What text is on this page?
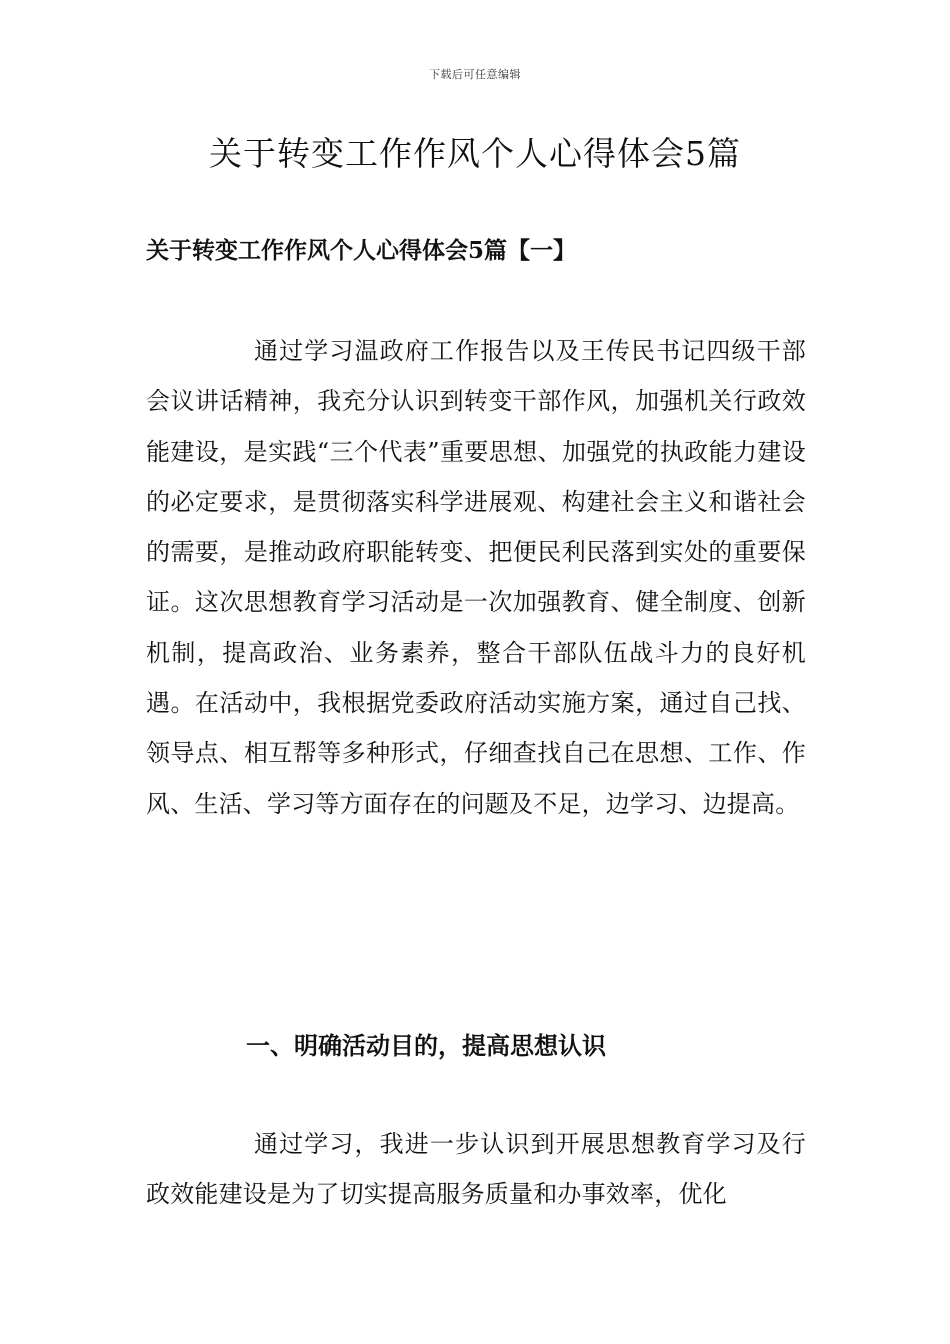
下载后可任意编辑
关于转变工作作风个人心得体会5篇
关于转变工作作风个人心得体会5篇【一】

通过学习温政府工作报告以及王传民书记四级干部会议讲话精神，我充分认识到转变干部作风，加强机关行政效能建设，是实践“三个代表”重要思想、加强党的执政能力建设的必定要求，是贯彻落实科学进展观、构建社会主义和谐社会的需要，是推动政府职能转变、把便民利民落到实处的重要保证。这次思想教育学习活动是一次加强教育、健全制度、创新机制，提高政治、业务素养，整合干部队伍战斗力的良好机遇。在活动中，我根据党委政府活动实施方案，通过自己找、领导点、相互帮等多种形式，仔细查找自己在思想、工作、作风、生活、学习等方面存在的问题及不足，边学习、边提高。

一、明确活动目的，提高思想认识

通过学习，我进一步认识到开展思想教育学习及行政效能建设是为了切实提高服务质量和办事效率，优化
